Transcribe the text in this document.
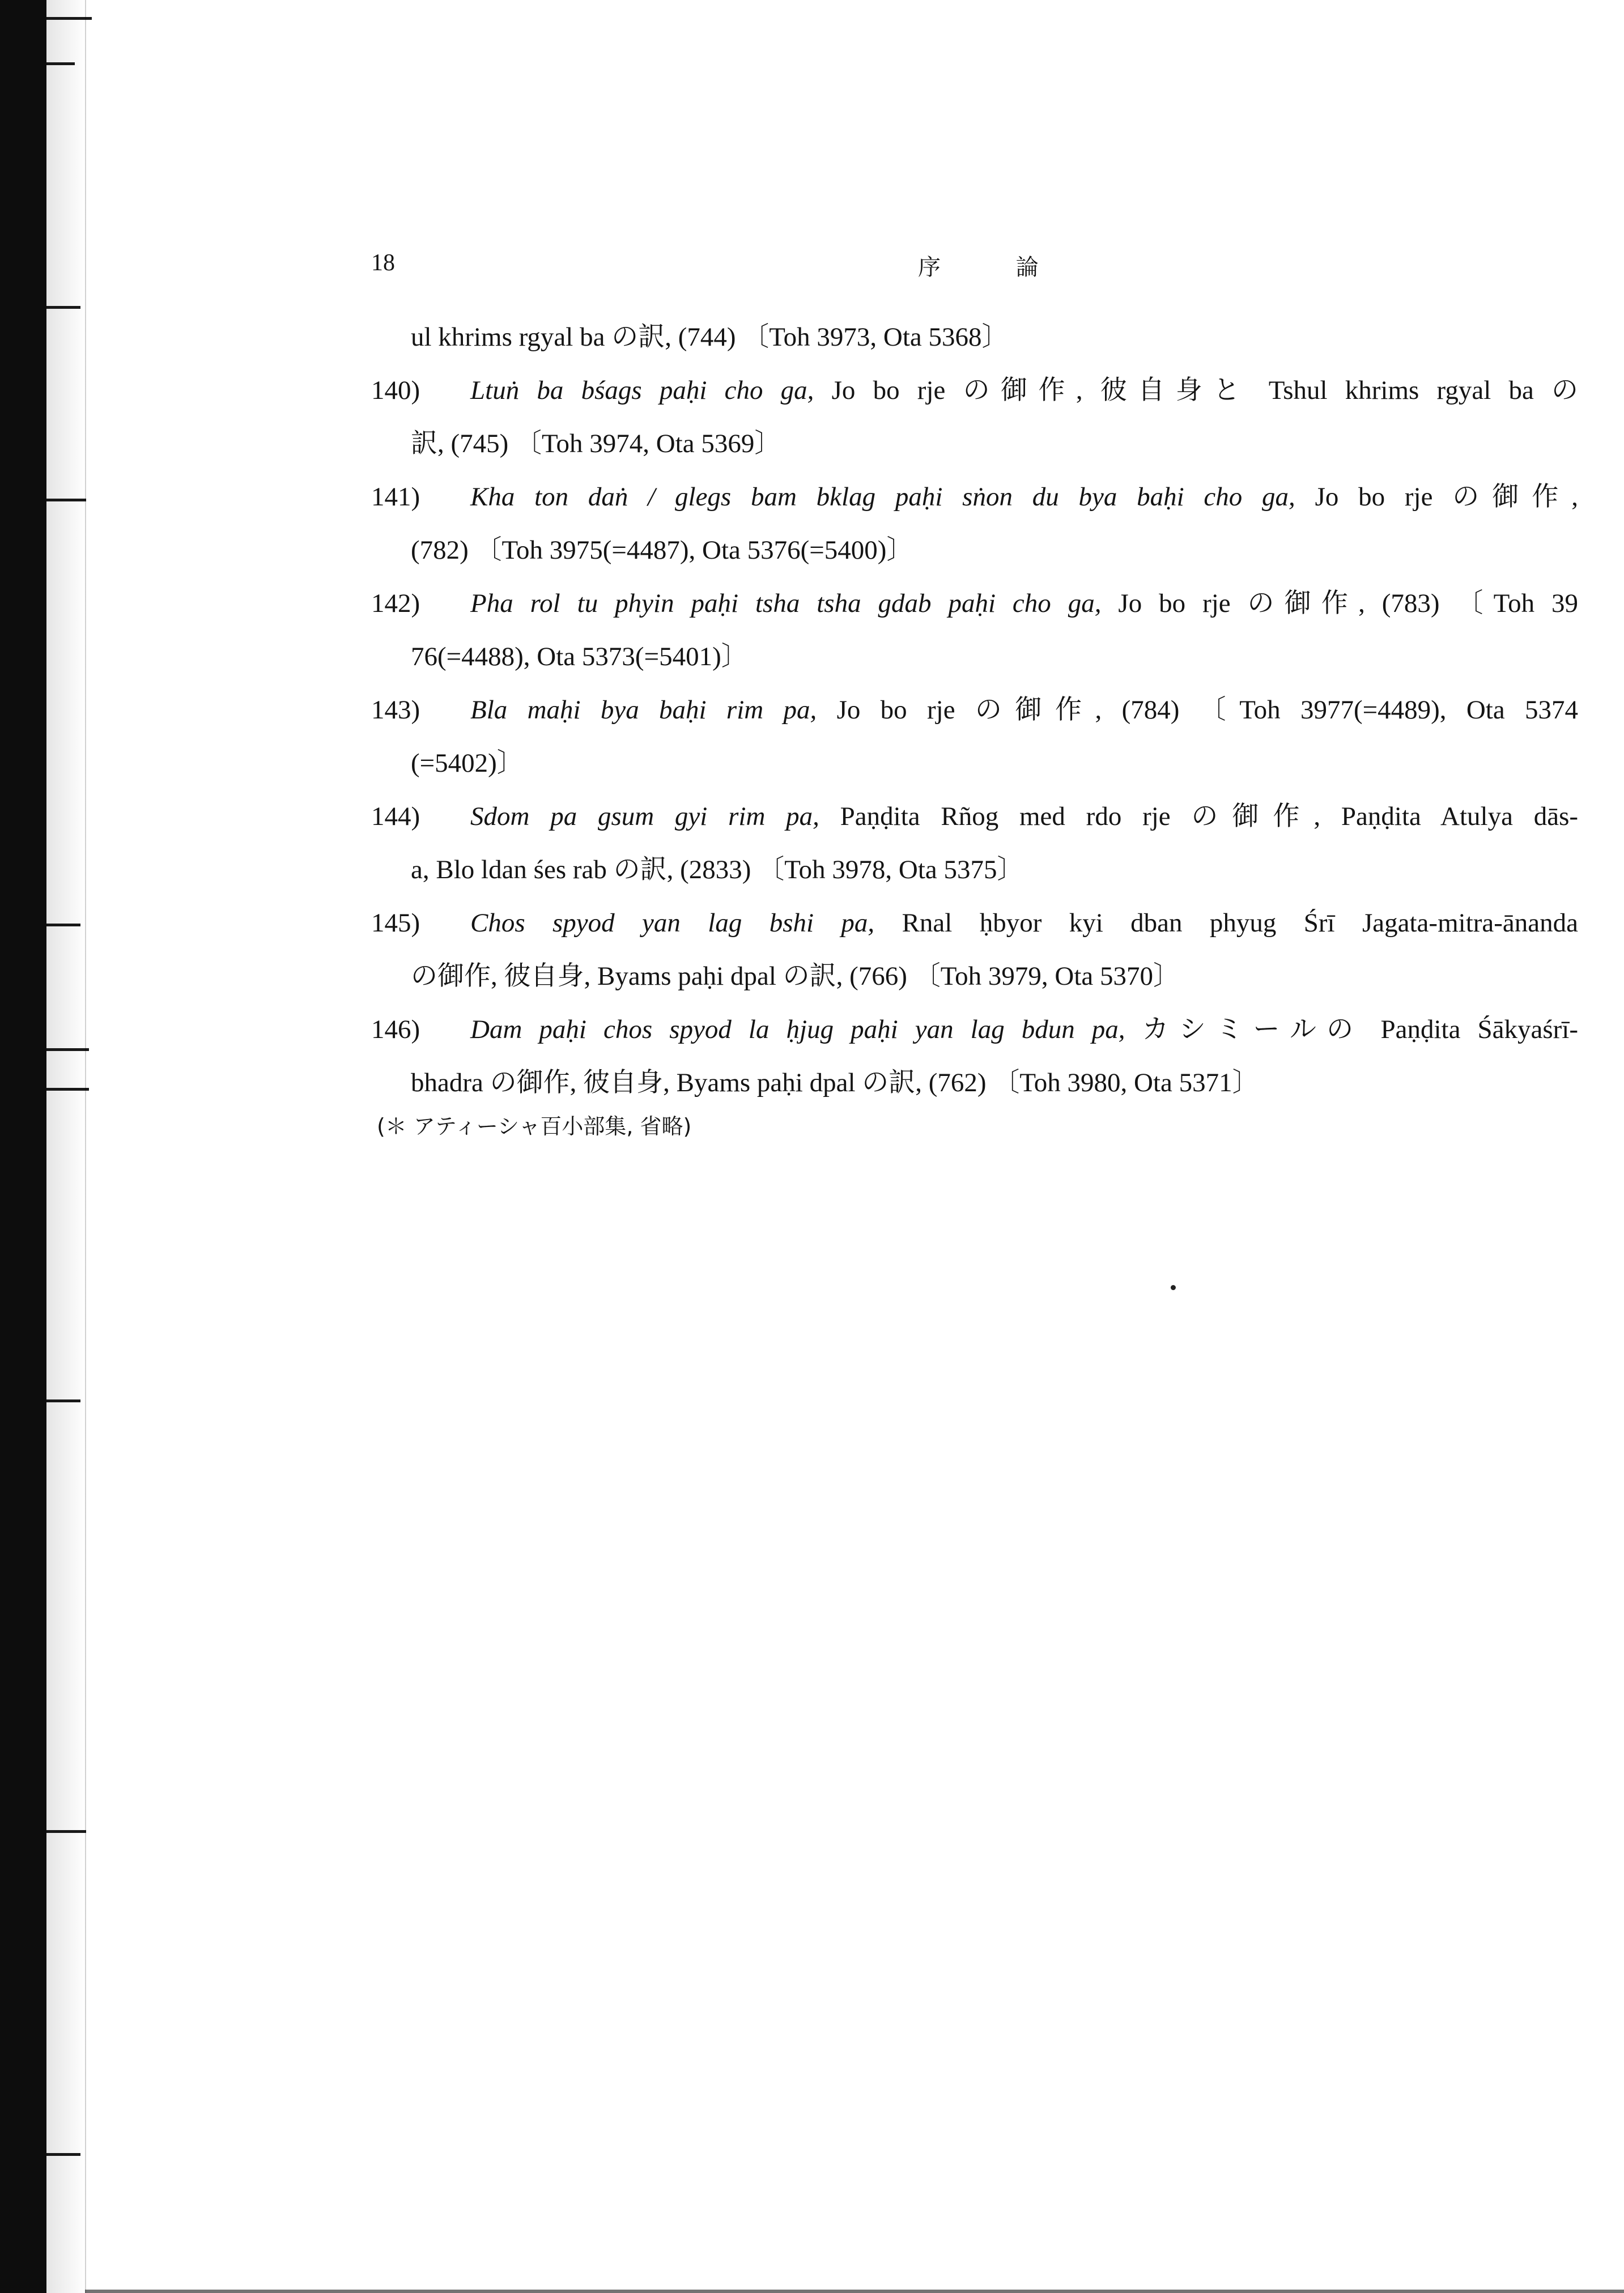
18	序 論
ul khrims rgyal ba の訳, (744) 〔Toh 3973, Ota 5368〕
140) Ltuṅ ba bśags paḥi cho ga, Jo bo rje の御作, 彼自身と Tshul khrims rgyal ba の
訳, (745) 〔Toh 3974, Ota 5369〕
141) Kha ton daṅ / glegs bam bklag paḥi sṅon du bya baḥi cho ga, Jo bo rje の御作,
(782) 〔Toh 3975(=4487), Ota 5376(=5400)〕
142) Pha rol tu phyin paḥi tsha tsha gdab paḥi cho ga, Jo bo rje の御作, (783) 〔Toh 39
76(=4488), Ota 5373(=5401)〕
143) Bla maḥi bya baḥi rim pa, Jo bo rje の御作, (784) 〔Toh 3977(=4489), Ota 5374
(=5402)〕
144) Sdom pa gsum gyi rim pa, Paṇḍita Rñog med rdo rje の御作, Paṇḍita Atulya dās-
a, Blo ldan śes rab の訳, (2833) 〔Toh 3978, Ota 5375〕
145) Chos spyod yan lag bshi pa, Rnal ḥbyor kyi dban phyug Śrī Jagata-mitra-ānanda
の御作, 彼自身, Byams paḥi dpal の訳, (766) 〔Toh 3979, Ota 5370〕
146) Dam paḥi chos spyod la ḥjug paḥi yan lag bdun pa, カシミールの Paṇḍita Śākyaśrī-
bhadra の御作, 彼自身, Byams paḥi dpal の訳, (762) 〔Toh 3980, Ota 5371〕
(＊ アティーシャ百小部集, 省略)
